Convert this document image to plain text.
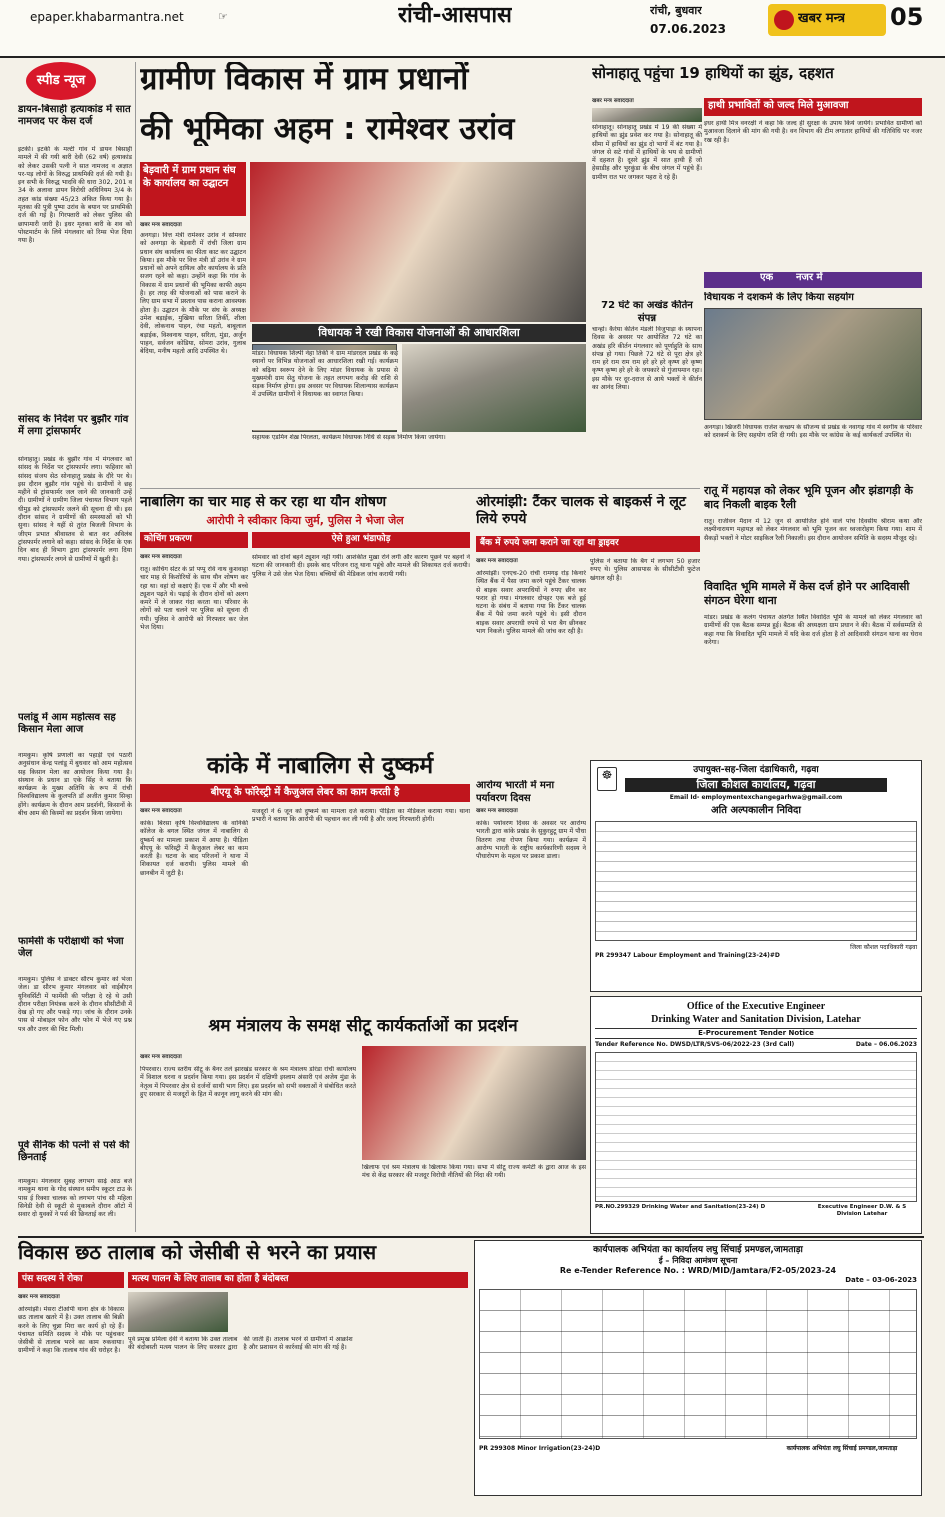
epaper.khabarmantra.net	☞	रांची-आसपास	रांची, बुधवार
07.06.2023
खबर मन्त्र 05
स्पीड न्यूज
डायन-बिसाही हत्याकांड में सात नामजद पर केस दर्ज
इटकी। इटकी के मल्टी गांव में डायन बिसाही मामले में की गयी बारी देवी (62 वर्ष) हत्याकांड को लेकर उसकी पत्नी ने सात नामजद व अज्ञात पर-पड़ लोगों के विरुद्ध प्राथमिकी दर्ज की गयी है। इन सभी के विरुद्ध भादवि की धारा 302, 201 व 34 के अलावा डायन विरोधी अधिनियम 3/4 के तहत कांड संख्या 45/23 अंकित किया गया है। मृतका की पुत्री पुष्पा उरांव के बयान पर प्राथमिकी दर्ज की गई है। गिरफ्तारी को लेकर पुलिस की छापामारी जारी है। इधर मृतका बारी के शव को पोस्टमार्टम के लिये मंगलवार को रिम्स भेज दिया गया है।
सांसद के निर्देश पर बुझौर गांव में लगा ट्रांसफार्मर
सोनाहातु। प्रखंड के बुझौर गांव में मंगलवार को सांसद के निर्देश पर ट्रांसफार्मर लगा। फहिवार को सांसद संजय सेठ सोनाहातु प्रखंड के दौरे पर थे। इस दौरान बुझौर गांव पहुंचे थे। ग्रामीणों ने छह महीने से ट्रांसफार्मर जल जाने की जानकारी उन्हें दी। ग्रामीणों ने ग्रामीण जिला पंचायत विभाग पहले धीमुड़ को ट्रांसफार्मर जलने की सूचना दी थी। इस दौरान सांसद ने ग्रामीणों की समस्याओं को भी सुना। सांसद ने यहीं से तुरंत बिजली विभाग के जीएम प्रभात श्रीवास्तव से बात कर अविलंब ट्रांसफार्मर लगाने को कहा। सांसद के निर्देश के एक दिन बाद ही विभाग द्वारा ट्रांसफार्मर लगा दिया गया। ट्रांसफार्मर लगने से ग्रामीणों में खुशी है।
पलांडू में आम महोत्सव सह किसान मेला आज
नामकुम। कृषि प्रणाली का पहाड़ी एवं पठारी अनुसंधान केन्द्र पलांडू में बुधवार को आम महोत्सव सह किसान मेला का आयोजन किया गया है। संस्थान के प्रधान डा एके सिंह ने बताया कि कार्यक्रम के मुख्य अतिथि के रूप में रांची विश्वविद्यालय के कुलपति डॉ अजीत कुमार सिन्हा होंगे। कार्यक्रम के दौरान आम प्रदर्शनी, किसानों के बीच आम की किस्मों का प्रदर्शन किया जायेगा।
फार्मेसी के परीक्षार्थी को भेजा जेल
नामकुम। पुलिस ने डाक्टर सौरभ कुमार को भेजा जेल। डा सौरभ कुमार मंगलवार को वाईबीएन यूनिवर्सिटी में फार्मेसी की परीक्षा दे रहे थे उसी दौरान परीक्षा नियंत्रक करने के दौरान सीसीटीवी में देख हो गए और पकड़े गए। जांच के दौरान उनके पास से मोबाइल फोन और फोन में भेजे गए प्रश्न पत्र और उत्तर की चिट मिली।
पूर्व सैनिक की पत्नी से पर्स की छिनताई
नामकुम। मंगलवार सुबह लगभग साढ़े आठ बजे नामकुम थाना के गोद संस्थान समीप स्कूटर टाउ के पास ई रिक्शा चालक को लगभग पांच सौ महिला सिनेडी देवी से स्कूटी से मुकाबले दौरान ऑटो में सवार दो युवकों ने पर्स की छिनताई कर ली।
ग्रामीण विकास में ग्राम प्रधानों
की भूमिका अहम : रामेश्वर उरांव
बेड़वारी में ग्राम प्रधान संघ के कार्यालय का उद्घाटन
खबर मन्त्र संवाददाता
अनगड़ा। वित्त मंत्री रामेश्वर उरांव ने सोमवार को अनगड़ा के बेड़वारी में रांची जिला ग्राम प्रधान संघ कार्यालय का फीता काट कर उद्घाटन किया। इस मौके पर वित्त मंत्री डॉ उरांव ने ग्राम प्रधानों को अपने दायित्व और कार्यालय के प्रति सजग रहने को कहा। उन्होंने कहा कि गांव के विकास में ग्राम प्रधानों की भूमिका काफी अहम है। हर तरह की योजनाओं को पास कराने के लिए ग्राम सभा में प्रस्ताव पास कराना आवश्यक होता है। उद्घाटन के मौके पर संघ के अध्यक्ष उमेश बड़ाईक, मुखिया सरिता तिर्की, शीला देवी, लोकनाथ पाहन, रंथा महतो, बाबूलाल बड़ाईक, विश्वनाथ पाहन, सरिता, मुंडा, अर्जुन पाहन, सर्वजन कोडिया, सोमरा उरांव, गुलाब बेदिया, मनीष महतो आदि उपस्थित थे।
विधायक ने रखी विकास योजनाओं की आधारशिला
मांडर। विधायक शिल्पी नेहा तिर्की ने ग्राम मांडरदल प्रखंड के कई स्थानों पर विभिन्न योजनाओं का आधारशिला रखी गई। कार्यक्रम को बढ़िया स्वरूप देने के लिए मांडर विधायक के प्रयास से मुख्यमंत्री ग्राम सेतु योजना के तहत लगभग करोड़ की राशि से सड़क निर्माण होगा। इस अवसर पर विधायक शिलान्यास कार्यक्रम में उपस्थित ग्रामीणों ने विधायक का स्वागत किया।
सहायक एडमिन शेख़ पिरलता, कार्यक्रम विधायक निधि से सड़क निर्माण किया जायेगा।
सोनाहातू पहुंचा 19 हाथियों का झुंड, दहशत
खबर मन्त्र संवाददाता	हाथी प्रभावितों को जल्द मिले मुआवजा
सोनाहातू। सोनाहातू प्रखंड में 19 की संख्या में हाथियों का झुंड प्रवेश कर गया है। सोनाहातू की सीमा में हाथियों का झुंड दो भागों में बंट गया है। जंगल से सटे गांवों में हाथियों के भय से ग्रामीणों में दहशत है। दूसरे झुंड में सात हाथी हैं जो हेसाडीह और भुरकुंडा के बीच जंगल में पहुंचे हैं। ग्रामीण रात भर जगकर पहरा दे रहे हैं।
इधर हाथी मित्र वनरक्षी ने कहा कि जल्द ही सुरक्षा के उपाय किये जायेंगे। प्रभावित ग्रामीणों को मुआवजा दिलाने की मांग की गयी है। वन विभाग की टीम लगातार हाथियों की गतिविधि पर नजर रख रही है।
72 घंटे का अखंड कीर्तन संपन्न
चान्हो। कैरेया कीर्तन मंडली विजुपाड़ा के स्थापना दिवस के अवसर पर आयोजित 72 घंटे का अखंड हरि कीर्तन मंगलवार को पूर्णाहुति के साथ संपन्न हो गया। पिछले 72 घंटे से पूरा क्षेत्र हरे राम हरे राम राम राम हरे हरे हरे कृष्ण हरे कृष्ण कृष्ण कृष्ण हरे हरे के जयकारे से गुंजायमान रहा। इस मौके पर दूर-दराज से आये भक्तों ने कीर्तन का आनंद लिया।
एक नजर में
विधायक ने दशकर्म के लिए किया सहयोग
अनगड़ा। खिजरी विधायक राजेश कच्छप के सौजन्य से प्रखंड के नवागढ़ गांव में स्वर्गीय के परिवार को दशकर्म के लिए सहयोग राशि दी गयी। इस मौके पर कांग्रेस के कई कार्यकर्ता उपस्थित थे।
रातू में महायज्ञ को लेकर भूमि पूजन और झंडागड़ी के बाद निकली बाइक रैली
रातू। राजीवन मैदान में 12 जून से आयोजित होने वाले पांच दिवसीय श्रीराम कथा और लक्ष्मीनारायण महायज्ञ को लेकर मंगलवार को भूमि पूजन कर ध्वजारोहण किया गया। शाम में सैकड़ों भक्तों ने मोटर साइकिल रैली निकाली। इस दौरान आयोजन समिति के सदस्य मौजूद रहे।
विवादित भूमि मामले में केस दर्ज होने पर आदिवासी संगठन घेरेगा थाना
मांडर। प्रखंड के कलंग पंचायत अंतर्गत स्थित विवादित भूमि के मामले को लेकर मंगलवार को ग्रामीणों की एक बैठक सम्पन्न हुई। बैठक की अध्यक्षता ग्राम प्रधान ने की। बैठक में सर्वसम्मति से कहा गया कि विवादित भूमि मामले में यदि केस दर्ज होता है तो आदिवासी संगठन थाना का घेराव करेगा।
नाबालिग का चार माह से कर रहा था यौन शोषण
आरोपी ने स्वीकार किया जुर्म, पुलिस ने भेजा जेल
कोचिंग प्रकरण	ऐसे हुआ भंडाफोड़
खबर मन्त्र संवाददाता
रातू। कोचिंग सेंटर के प्रो पप्पू रवि नाथ कुशवाहा चार माह से किशोरियों के साथ यौन शोषण कर रहा था। वहां दो कक्षाएं हैं। एक में और भी बच्चे ट्यूशन पढ़ते थे। पढ़ाई के दौरान दोनों को अलग कमरे में ले जाकर गंदा करता था। परिवार के लोगों को पता चलने पर पुलिस को सूचना दी गयी। पुलिस ने आरोपी को गिरफ्तार कर जेल भेज दिया।
सोमवार को दोनों बहनें ट्यूशन नहीं गयीं। आशंकीत मुख़ा रोने लगी और कारण पूछने पर बहनों ने घटना की जानकारी दी। इसके बाद परिजन रातू थाना पहुंचे और मामले की शिकायत दर्ज करायी। पुलिस ने उसे जेल भेज दिया। बच्चियों की मेडिकल जांच करायी गयी।
ओरमांझी: टैंकर चालक से बाइकर्स ने लूट लिये रुपये
बैंक में रुपये जमा कराने जा रहा था ड्राइवर
खबर मन्त्र संवाददाता
ओरमांझी। एनएच-20 रांची रामगढ़ रोड़ किनारे स्थित बैंक में पैसा जमा करने पहुंचे टैंकर चालक से बाइक सवार अपराधियों ने रुपए छीन कर फरार हो गया। मंगलवार दोपहर एक बजे हुई घटना के संबंध में बताया गया कि टैंकर चालक बैंक में पैसे जमा करने पहुंचे थे। इसी दौरान बाइक सवार अपराधी रुपये से भरा बैग छीनकर भाग निकले। पुलिस मामले की जांच कर रही है।
पुलिस ने बताया कि बैग में लगभग 50 हजार रुपए थे। पुलिस आसपास के सीसीटीवी फुटेज खंगाल रही है।
कांके में नाबालिग से दुष्कर्म
बीएयू के फॉरेस्ट्री में कैजुअल लेबर का काम करती है
खबर मन्त्र संवाददाता
कांके। बिरसा कृषि विश्वविद्यालय के वानिकी कॉलेज के बगल स्थित जंगल में नाबालिग से दुष्कर्म का मामला प्रकाश में आया है। पीड़िता बीएयू के फॉरेस्ट्री में कैजुअल लेबर का काम करती है। घटना के बाद परिजनों ने थाना में शिकायत दर्ज करायी। पुलिस मामले की छानबीन में जुटी है।
मजदूरों ने 6 जून को दुष्कर्म का मामला दर्ज कराया। पीड़िता का मेडिकल कराया गया। थाना प्रभारी ने बताया कि आरोपी की पहचान कर ली गयी है और जल्द गिरफ्तारी होगी।
आरोग्य भारती में मना पर्यावरण दिवस
खबर मन्त्र संवाददाता
कांके। पर्यावरण दिवस के अवसर पर आरोग्य भारती द्वारा कांके प्रखंड के सुकुरहुटू ग्राम में पौधा वितरण तथा रोपण किया गया। कार्यक्रम में आरोग्य भारती के राष्ट्रीय कार्यकारिणी सदस्य ने पौधारोपण के महत्व पर प्रकाश डाला।
☸	उपायुक्त-सह-जिला दंडाधिकारी, गढ़वा
जिला कौशल कार्यालय, गढ़वा
Email Id- employmentexchangegarhwa@gmail.com
अति अल्पकालीन निविदा
जिला कौशल पदाधिकारी गढ़वा
PR 299347 Labour Employment and Training(23-24)#D
Office of the Executive Engineer
Drinking Water and Sanitation Division, Latehar
E-Procurement Tender Notice
Tender Reference No. DWSD/LTR/SVS-06/2022-23 (3rd Call)	Date – 06.06.2023
PR.NO.299329 Drinking Water and Sanitation(23-24) D	Executive Engineer D.W. & S Division Latehar
श्रम मंत्रालय के समक्ष सीटू कार्यकर्ताओं का प्रदर्शन
खबर मन्त्र संवाददाता
पिपरवार। राज्य स्तरीय सीटू के बैनर तले झारखंड सरकार के श्रम मंत्रालय डोरंडा रांची कार्यालय में विशाल धरना व प्रदर्शन किया गया। इस प्रदर्शन में दक्षिणी इस्लाम अंसारी एवं अजेय मुंडा के नेतृत्व में पिपरवार क्षेत्र से दर्जनों साथी भाग लिए। इस प्रदर्शन को सभी वक्ताओं ने संबोधित करते हुए सरकार से मजदूरों के हित में कानून लागू करने की मांग की।
खिलाफ एवं श्रम मंत्रालय के खिलाफ किया गया। सभा में सीटू राज्य कमेटी के द्वारा आज के इस मंच से केंद्र सरकार की मजदूर विरोधी नीतियों की निंदा की गयी।
विकास छठ तालाब को जेसीबी से भरने का प्रयास
पंस सदस्य ने रोका	मत्स्य पालन के लिए तालाब का होता है बंदोबस्त
खबर मन्त्र संवाददाता
ओरमांझी। मेसरा टीओपी थाना क्षेत्र के विकास छठ तालाब खतरे में है। उक्त तालाब की बिक्री करने के लिए चुन्ना मिरा कर कार्य हो रहे हैं। पंचायत समिति सदस्य ने मौके पर पहुंचकर जेसीबी से तालाब भरने का काम रुकवाया। ग्रामीणों ने कहा कि तालाब गांव की धरोहर है।
पूर्व प्रमुख प्रमिला देवी ने बताया कि उक्त तालाब की बंदोबस्ती मत्स्य पालन के लिए सरकार द्वारा की जाती है। तालाब भरने से ग्रामीणों में आक्रोश है और प्रशासन से कार्रवाई की मांग की गई है।
कार्यपालक अभियंता का कार्यालय लघु सिंचाई प्रमण्डल,जामताड़ा
ई – निविदा आमंत्रण सूचना
Re e-Tender Reference No. : WRD/MID/Jamtara/F2-05/2023-24
Date – 03-06-2023
PR 299308 Minor Irrigation(23-24)D	कार्यपालक अभियंता लघु सिंचाई प्रमण्डल,जामताड़ा
